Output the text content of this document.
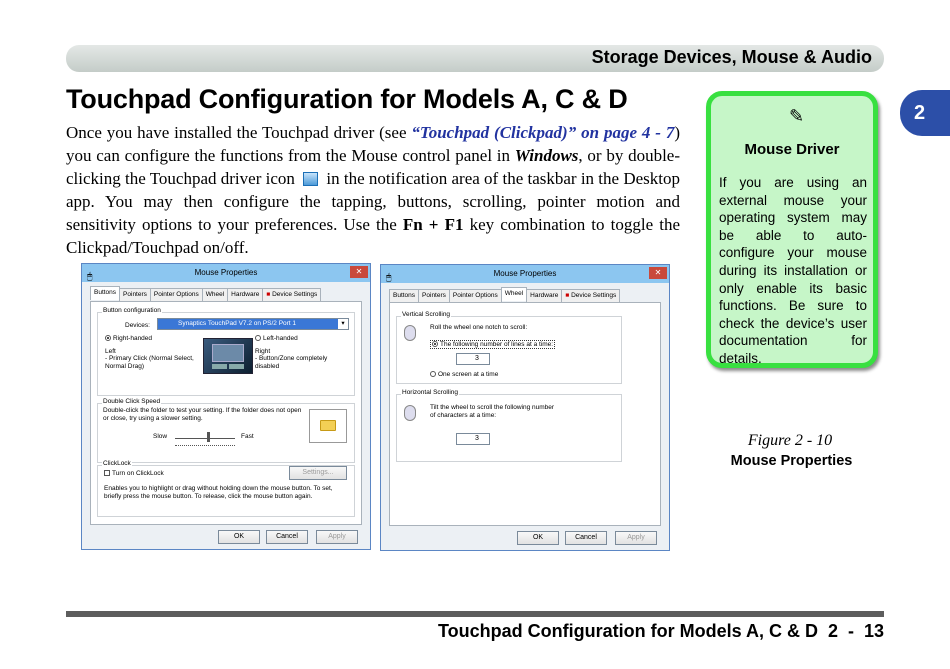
Storage Devices, Mouse & Audio
2
Touchpad Configuration for Models A, C & D
Once you have installed the Touchpad driver (see “Touchpad (Clickpad)” on page 4 - 7) you can configure the functions from the Mouse control panel in Windows, or by double-clicking the Touchpad driver icon  in the notification area of the taskbar in the Desktop app. You may then configure the tapping, buttons, scrolling, pointer motion and sensitivity options to your preferences. Use the Fn + F1 key combination to toggle the Clickpad/Touchpad on/off.
🖱	Mouse Properties	✕
Buttons	Pointers	Pointer Options	Wheel	Hardware	■ Device Settings
Button configuration
Devices:	Synaptics TouchPad V7.2 on PS/2 Port 1	▾
Right-handed	Left-handed
Left
- Primary Click (Normal Select, Normal Drag)
Right
- Button/Zone completely disabled
Double Click Speed
Double-click the folder to test your setting. If the folder does not open or close, try using a slower setting.
Slow	Fast
ClickLock
Turn on ClickLock	Settings...
Enables you to highlight or drag without holding down the mouse button. To set, briefly press the mouse button. To release, click the mouse button again.
OK	Cancel	Apply
🖱	Mouse Properties	✕
Buttons	Pointers	Pointer Options	Wheel	Hardware	■ Device Settings
Vertical Scrolling
Roll the wheel one notch to scroll:
The following number of lines at a time:
3
One screen at a time
Horizontal Scrolling
Tilt the wheel to scroll the following number of characters at a time:
3
OK	Cancel	Apply
✎
Mouse Driver
If you are using an external mouse your operating system may be able to auto-configure your mouse during its installation or only enable its basic functions. Be sure to check the device’s user documentation for details.
Figure 2 - 10
Mouse Properties
Touchpad Configuration for Models A, C & D  2  -  13
